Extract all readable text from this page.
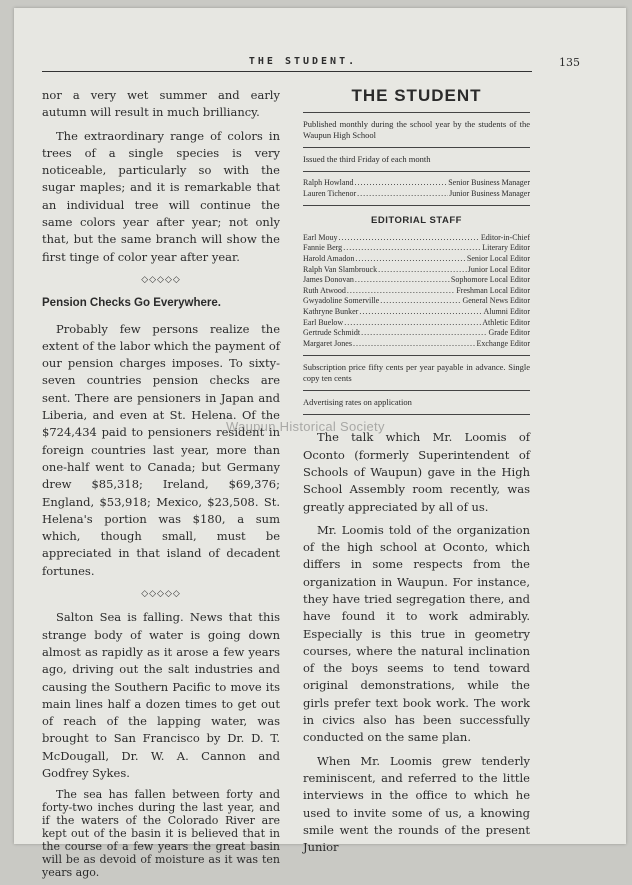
THE STUDENT.	135

nor a very wet summer and early autumn will result in much brilliancy.

The extraordinary range of colors in trees of a single species is very noticeable, particularly so with the sugar maples; and it is remarkable that an individual tree will continue the same colors year after year; not only that, but the same branch will show the first tinge of color year after year.

◇◇◇◇◇
Pension Checks Go Everywhere.

Probably few persons realize the extent of the labor which the payment of our pension charges imposes. To sixty-seven countries pension checks are sent. There are pensioners in Japan and Liberia, and even at St. Helena. Of the $724,434 paid to pensioners resident in foreign countries last year, more than one-half went to Canada; but Germany drew $85,318; Ireland, $69,376; England, $53,918; Mexico, $23,508. St. Helena's portion was $180, a sum which, though small, must be appreciated in that island of decadent fortunes.

◇◇◇◇◇

Salton Sea is falling. News that this strange body of water is going down almost as rapidly as it arose a few years ago, driving out the salt industries and causing the Southern Pacific to move its main lines half a dozen times to get out of reach of the lapping water, was brought to San Francisco by Dr. D. T. McDougall, Dr. W. A. Cannon and Godfrey Sykes.

The sea has fallen between forty and forty-two inches during the last year, and if the waters of the Colorado River are kept out of the basin it is believed that in the course of a few years the great basin will be as devoid of moisture as it was ten years ago.

THE STUDENT

Published monthly during the school year by the students of the Waupun High School

Issued the third Friday of each month

Ralph Howland .....	Senior Business Manager
Lauren Tichenor .....	Junior Business Manager
EDITORIAL STAFF
Earl Mouy .....	Editor-in-Chief
Fannie Berg .....	Literary Editor
Harold Amadon .....	Senior Local Editor
Ralph Van Slambrouck .....	Junior Local Editor
James Donovan .....	Sophomore Local Editor
Ruth Atwood .....	Freshman Local Editor
Gwyadoline Somerville .....	General News Editor
Kathryne Bunker .....	Alumni Editor
Earl Buelow .....	Athletic Editor
Gertrude Schmidt .....	Grade Editor
Margaret Jones .....	Exchange Editor

Subscription price fifty cents per year payable in advance. Single copy ten cents

Advertising rates on application

The talk which Mr. Loomis of Oconto (formerly Superintendent of Schools of Waupun) gave in the High School Assembly room recently, was greatly appreciated by all of us.

Mr. Loomis told of the organization of the high school at Oconto, which differs in some respects from the organization in Waupun. For instance, they have tried segregation there, and have found it to work admirably. Especially is this true in geometry courses, where the natural inclination of the boys seems to tend toward original demonstrations, while the girls prefer text book work. The work in civics also has been successfully conducted on the same plan.

When Mr. Loomis grew tenderly reminiscent, and referred to the little interviews in the office to which he used to invite some of us, a knowing smile went the rounds of the present Junior

Waupun Historical Society
